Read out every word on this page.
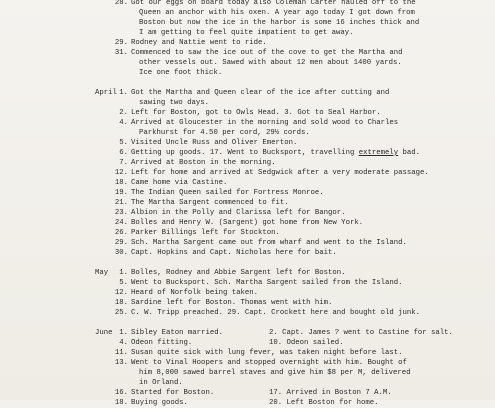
28. Got our eggs on board today also Coleman Carter hauled off to the
Queen an anchor with his oxen. A year ago today I got down from
Boston but now the ice in the harbor is some 16 inches thick and
I am getting to feel quite impatient to get away.
29. Rodney and Nattie went to ride.
31. Commenced to saw the ice out of the cove to get the Martha and
other vessels out. Sawed with about 12 men about 1400 yards.
Ice one foot thick.
April 1. Got the Martha and Queen clear of the ice after cutting and
sawing two days.
2. Left for Boston, got to Owls Head. 3. Got to Seal Harbor.
4. Arrived at Gloucester in the morning and sold wood to Charles
Parkhurst for 4.50 per cord, 29½ cords.
5. Visited Uncle Russ and Oliver Emerton.
6. Getting up goods. 17. Went to Bucksport, travelling extremely bad.
7. Arrived at Boston in the morning.
12. Left for home and arrived at Sedgwick after a very moderate passage.
18. Came home via Castine.
19. The Indian Queen sailed for Fortress Monroe.
21. The Martha Sargent commenced to fit.
23. Albion in the Polly and Clarissa left for Bangor.
24. Bolles and Henry W. (Sargent) got home from New York.
26. Parker Billings left for Stockton.
29. Sch. Martha Sargent came out from wharf and went to the Island.
30. Capt. Hopkins and Capt. Nicholas here for bait.
May	1. Bolles, Rodney and Abbie Sargent left for Boston.
5. Went to Bucksport. Sch. Martha Sargent sailed from the Island.
12. Heard of Norfolk being taken.
18. Sardine left for Boston. Thomas went with him.
25. C. W. Tripp preached. 29. Capt. Crockett here and bought old junk.
June 1. Sibley Eaton married.	2. Capt. James ? went to Castine for salt.
4. Odeon fitting.	10. Odeon sailed.
11. Susan quite sick with lung fever, was taken night before last.
13. Went to Vinal Hoopers and stopped overnight with him. Bought of
him 8,000 sawed barrel staves and give him $8 per M, delivered
in Orland.
16. Started for Boston.	17. Arrived in Boston 7 A.M.
18. Buying goods.	20. Left Boston for home.
